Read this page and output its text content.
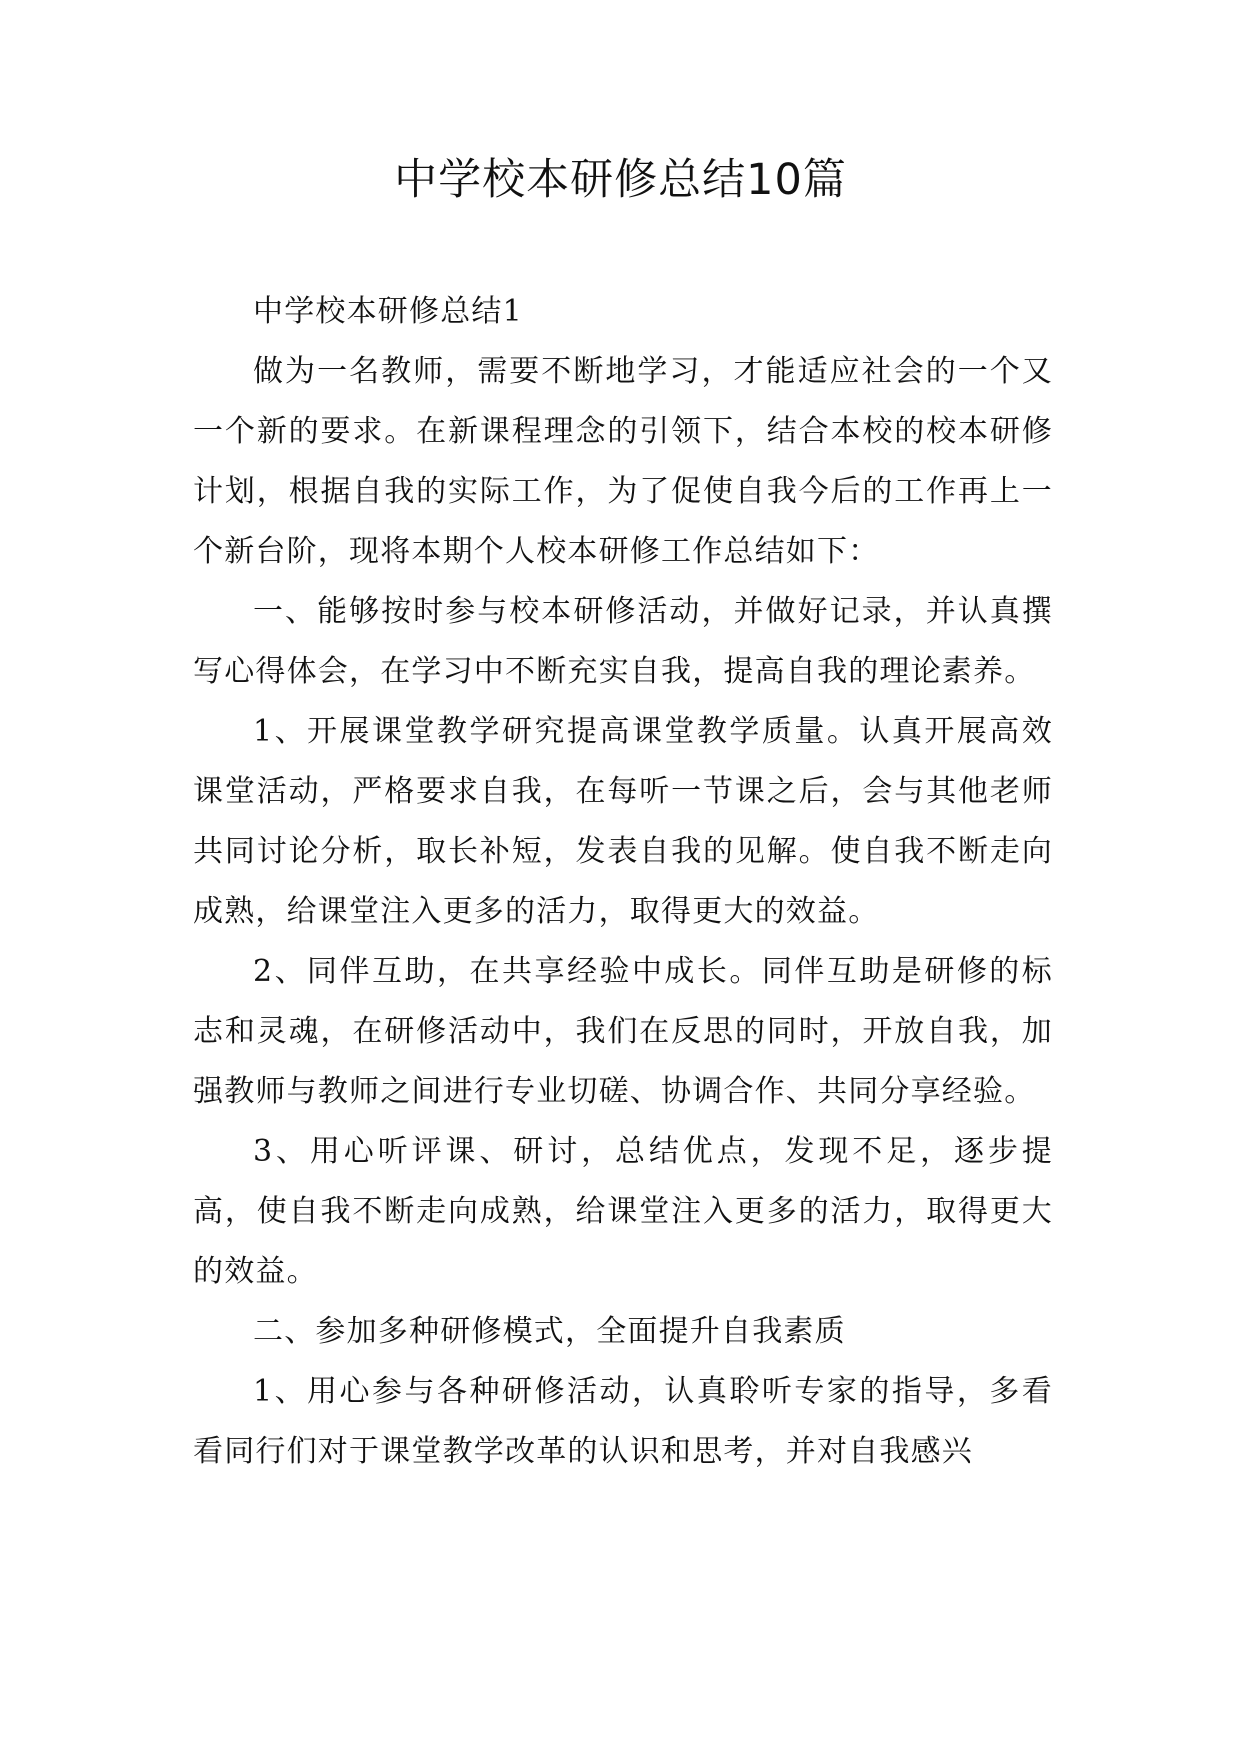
中学校本研修总结10篇

中学校本研修总结1

做为一名教师，需要不断地学习，才能适应社会的一个又一个新的要求。在新课程理念的引领下，结合本校的校本研修计划，根据自我的实际工作，为了促使自我今后的工作再上一个新台阶，现将本期个人校本研修工作总结如下：

一、能够按时参与校本研修活动，并做好记录，并认真撰写心得体会，在学习中不断充实自我，提高自我的理论素养。

1、开展课堂教学研究提高课堂教学质量。认真开展高效课堂活动，严格要求自我，在每听一节课之后，会与其他老师共同讨论分析，取长补短，发表自我的见解。使自我不断走向成熟，给课堂注入更多的活力，取得更大的效益。

2、同伴互助，在共享经验中成长。同伴互助是研修的标志和灵魂，在研修活动中，我们在反思的同时，开放自我，加强教师与教师之间进行专业切磋、协调合作、共同分享经验。

3、用心听评课、研讨，总结优点，发现不足，逐步提高，使自我不断走向成熟，给课堂注入更多的活力，取得更大的效益。

二、参加多种研修模式，全面提升自我素质

1、用心参与各种研修活动，认真聆听专家的指导，多看看同行们对于课堂教学改革的认识和思考，并对自我感兴
